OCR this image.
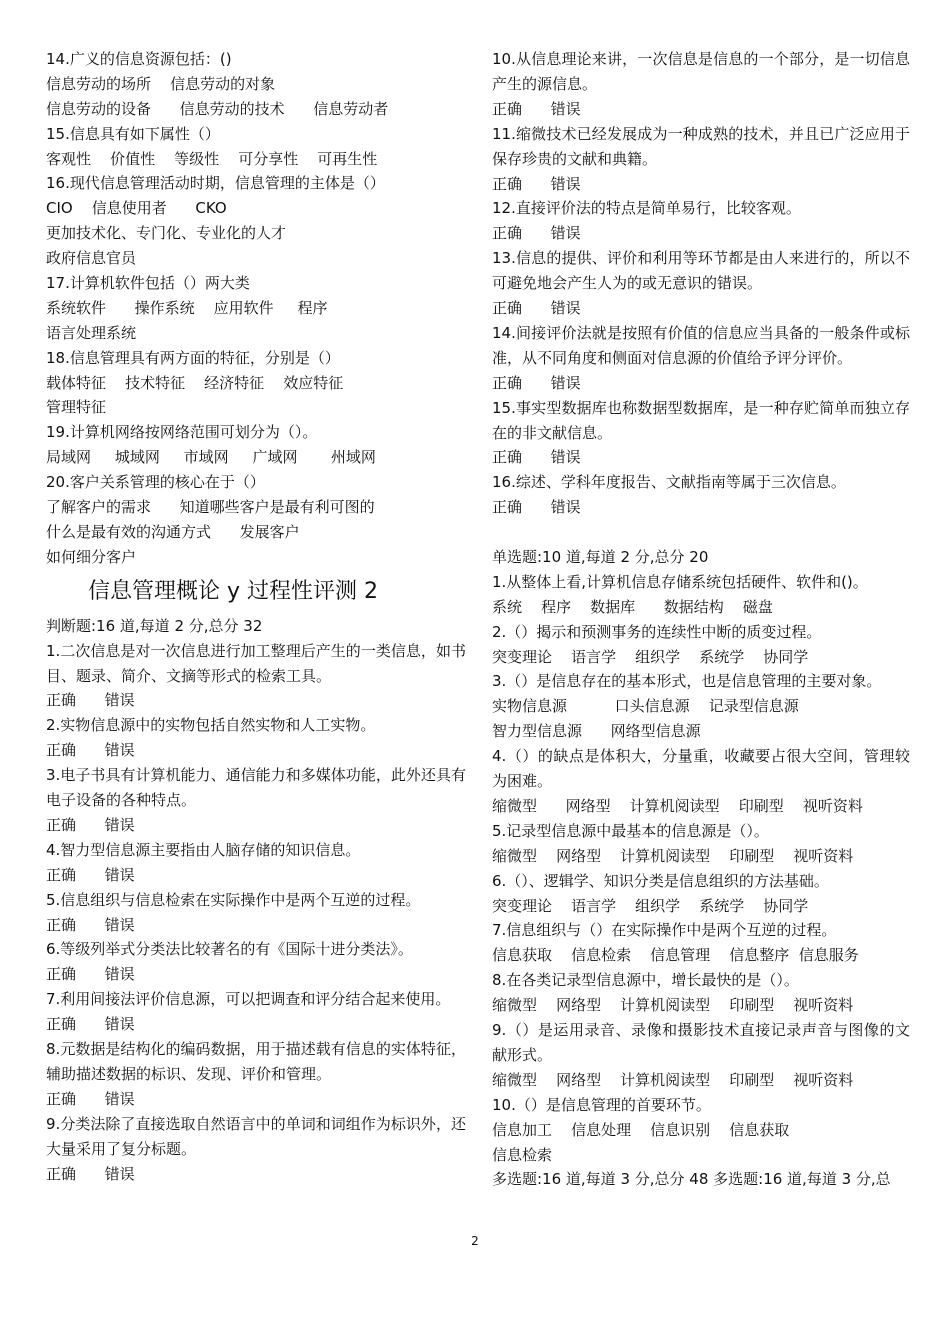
14.广义的信息资源包括：()
信息劳动的场所    信息劳动的对象
信息劳动的设备      信息劳动的技术      信息劳动者
15.信息具有如下属性（）
客观性    价值性    等级性    可分享性    可再生性
16.现代信息管理活动时期，信息管理的主体是（）
CIO    信息使用者      CKO
更加技术化、专门化、专业化的人才
政府信息官员
17.计算机软件包括（）两大类
系统软件      操作系统    应用软件     程序
语言处理系统
18.信息管理具有两方面的特征，分别是（）
载体特征    技术特征    经济特征    效应特征
管理特征
19.计算机网络按网络范围可划分为（）。
局域网     城域网     市域网     广域网       州域网
20.客户关系管理的核心在于（）
了解客户的需求      知道哪些客户是最有利可图的
什么是最有效的沟通方式      发展客户
如何细分客户
信息管理概论 y 过程性评测 2
判断题:16 道,每道 2 分,总分 32
1.二次信息是对一次信息进行加工整理后产生的一类信息，如书目、题录、简介、文摘等形式的检索工具。
正确      错误
2.实物信息源中的实物包括自然实物和人工实物。
正确      错误
3.电子书具有计算机能力、通信能力和多媒体功能，此外还具有电子设备的各种特点。
正确      错误
4.智力型信息源主要指由人脑存储的知识信息。
正确      错误
5.信息组织与信息检索在实际操作中是两个互逆的过程。
正确      错误
6.等级列举式分类法比较著名的有《国际十进分类法》。
正确      错误
7.利用间接法评价信息源，可以把调查和评分结合起来使用。
正确      错误
8.元数据是结构化的编码数据，用于描述载有信息的实体特征，辅助描述数据的标识、发现、评价和管理。
正确      错误
9.分类法除了直接选取自然语言中的单词和词组作为标识外，还大量采用了复分标题。
正确      错误
10.从信息理论来讲，一次信息是信息的一个部分，是一切信息产生的源信息。
正确      错误
11.缩微技术已经发展成为一种成熟的技术，并且已广泛应用于保存珍贵的文献和典籍。
正确      错误
12.直接评价法的特点是简单易行，比较客观。
正确      错误
13.信息的提供、评价和利用等环节都是由人来进行的，所以不可避免地会产生人为的或无意识的错误。
正确      错误
14.间接评价法就是按照有价值的信息应当具备的一般条件或标准，从不同角度和侧面对信息源的价值给予评分评价。
正确      错误
15.事实型数据库也称数据型数据库，是一种存贮简单而独立存在的非文献信息。
正确      错误
16.综述、学科年度报告、文献指南等属于三次信息。
正确      错误
单选题:10 道,每道 2 分,总分 20
1.从整体上看,计算机信息存储系统包括硬件、软件和()。
系统    程序    数据库      数据结构    磁盘
2.（）揭示和预测事务的连续性中断的质变过程。
突变理论    语言学    组织学    系统学    协同学
3.（）是信息存在的基本形式，也是信息管理的主要对象。
实物信息源          口头信息源    记录型信息源
智力型信息源      网络型信息源
4.（）的缺点是体积大，分量重，收藏要占很大空间，管理较为困难。
缩微型      网络型    计算机阅读型    印刷型    视听资料
5.记录型信息源中最基本的信息源是（）。
缩微型    网络型    计算机阅读型    印刷型    视听资料
6.（）、逻辑学、知识分类是信息组织的方法基础。
突变理论    语言学    组织学    系统学    协同学
7.信息组织与（）在实际操作中是两个互逆的过程。
信息获取    信息检索    信息管理    信息整序  信息服务
8.在各类记录型信息源中，增长最快的是（）。
缩微型    网络型    计算机阅读型    印刷型    视听资料
9.（）是运用录音、录像和摄影技术直接记录声音与图像的文献形式。
缩微型    网络型    计算机阅读型    印刷型    视听资料
10.（）是信息管理的首要环节。
信息加工    信息处理    信息识别    信息获取
信息检索
多选题:16 道,每道 3 分,总分 48 多选题:16 道,每道 3 分,总
2
